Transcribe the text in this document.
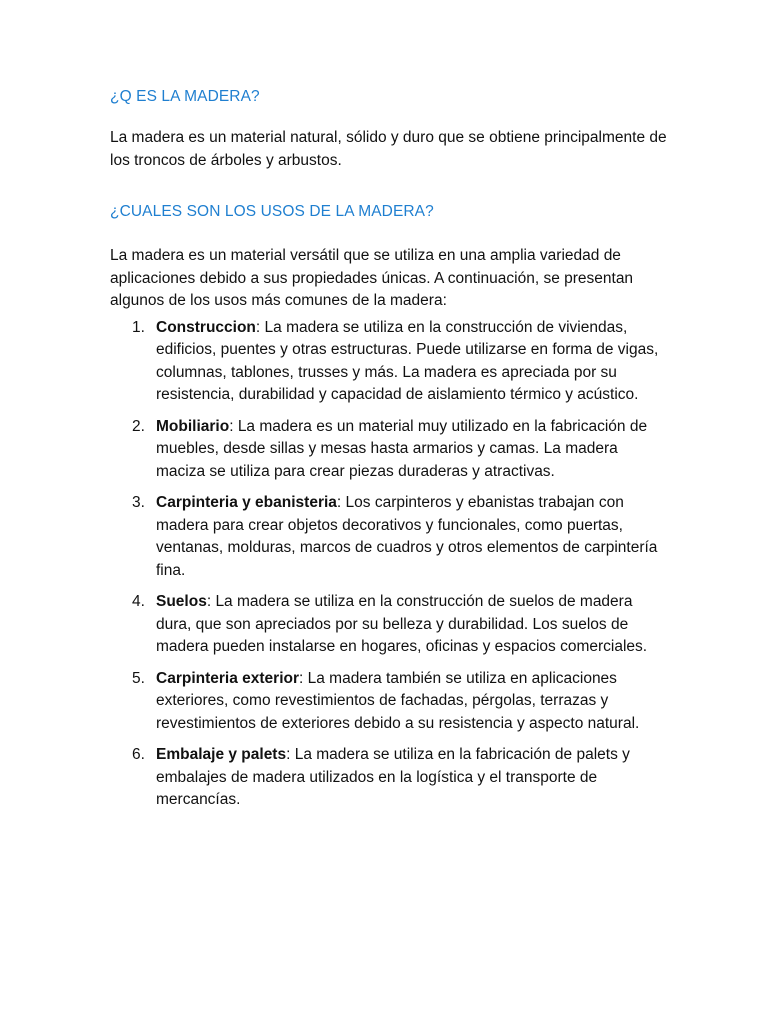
¿Q ES LA MADERA?

La madera es un material natural, sólido y duro que se obtiene principalmente de los troncos de árboles y arbustos.

¿CUALES SON LOS USOS DE LA MADERA?

La madera es un material versátil que se utiliza en una amplia variedad de aplicaciones debido a sus propiedades únicas. A continuación, se presentan algunos de los usos más comunes de la madera:

1. Construccion: La madera se utiliza en la construcción de viviendas, edificios, puentes y otras estructuras. Puede utilizarse en forma de vigas, columnas, tablones, trusses y más. La madera es apreciada por su resistencia, durabilidad y capacidad de aislamiento térmico y acústico.
2. Mobiliario: La madera es un material muy utilizado en la fabricación de muebles, desde sillas y mesas hasta armarios y camas. La madera maciza se utiliza para crear piezas duraderas y atractivas.
3. Carpinteria y ebanisteria: Los carpinteros y ebanistas trabajan con madera para crear objetos decorativos y funcionales, como puertas, ventanas, molduras, marcos de cuadros y otros elementos de carpintería fina.
4. Suelos: La madera se utiliza en la construcción de suelos de madera dura, que son apreciados por su belleza y durabilidad. Los suelos de madera pueden instalarse en hogares, oficinas y espacios comerciales.
5. Carpinteria exterior: La madera también se utiliza en aplicaciones exteriores, como revestimientos de fachadas, pérgolas, terrazas y revestimientos de exteriores debido a su resistencia y aspecto natural.
6. Embalaje y palets: La madera se utiliza en la fabricación de palets y embalajes de madera utilizados en la logística y el transporte de mercancías.
